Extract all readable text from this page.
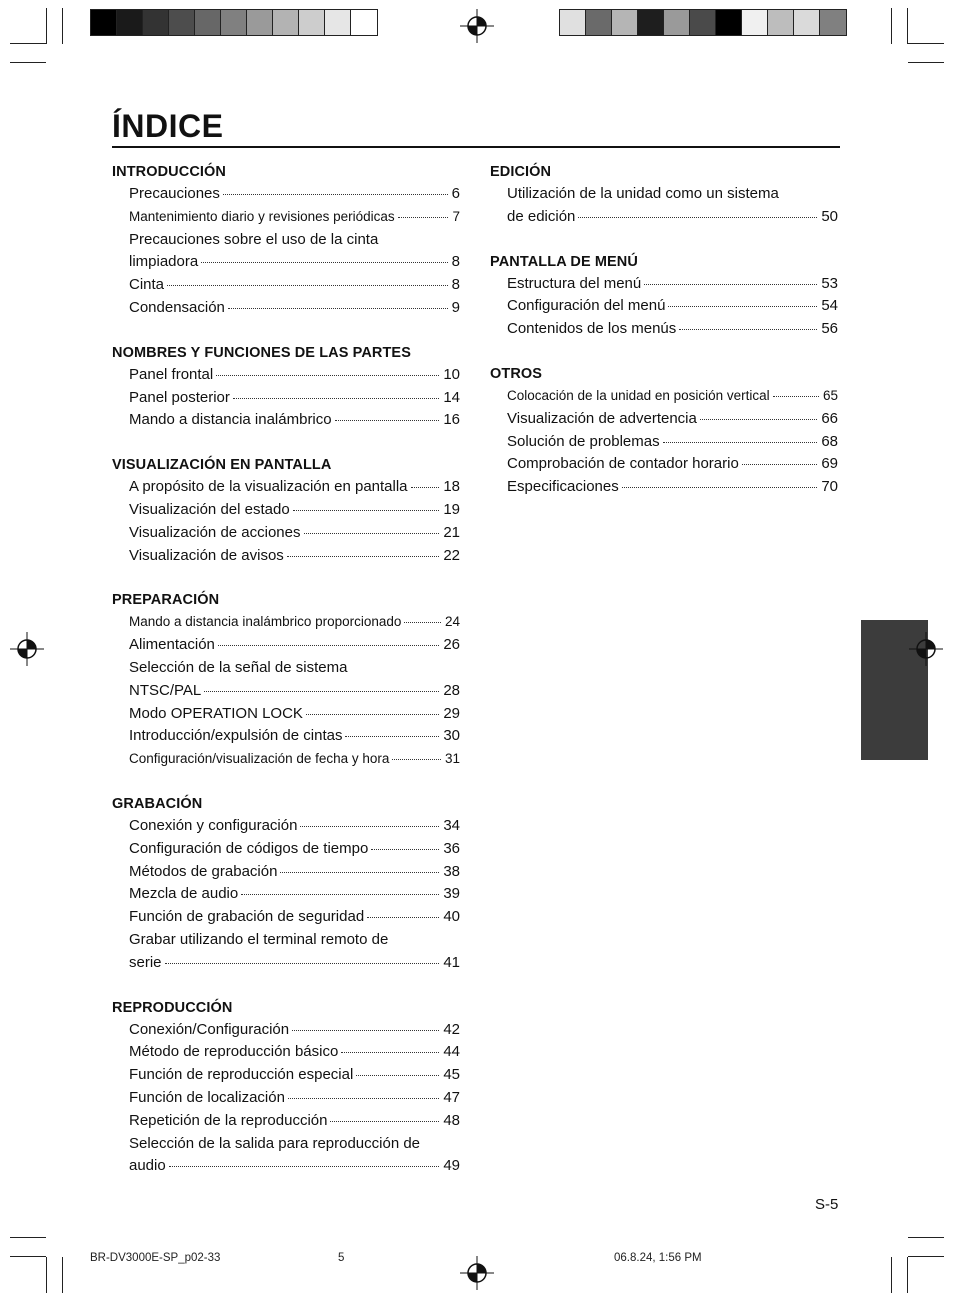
ÍNDICE
INTRODUCCIÓN
Precauciones	6
Mantenimiento diario y revisiones periódicas	7
Precauciones sobre el uso de la cinta
limpiadora	8
Cinta	8
Condensación	9
NOMBRES Y FUNCIONES DE LAS PARTES
Panel frontal	10
Panel posterior	14
Mando a distancia inalámbrico	16
VISUALIZACIÓN EN PANTALLA
A propósito de la visualización en pantalla 18
Visualización del estado	19
Visualización de acciones	21
Visualización de avisos	22
PREPARACIÓN
Mando a distancia inalámbrico proporcionado	24
Alimentación	26
Selección de la señal de sistema
NTSC/PAL	28
Modo OPERATION LOCK	29
Introducción/expulsión de cintas	30
Configuración/visualización de fecha y hora	31
GRABACIÓN
Conexión y configuración	34
Configuración de códigos de tiempo	36
Métodos de grabación	38
Mezcla de audio	39
Función de grabación de seguridad	40
Grabar utilizando el terminal remoto de
serie	41
REPRODUCCIÓN
Conexión/Configuración	42
Método de reproducción básico	44
Función de reproducción especial	45
Función de localización	47
Repetición de la reproducción	48
Selección de la salida para reproducción de
audio	49
EDICIÓN
Utilización de la unidad como un sistema
de edición	50
PANTALLA DE MENÚ
Estructura del menú	53
Configuración del menú	54
Contenidos de los menús	56
OTROS
Colocación de la unidad en posición vertical	65
Visualización de advertencia	66
Solución de problemas	68
Comprobación de contador horario	69
Especificaciones	70
S-5
BR-DV3000E-SP_p02-33	5	06.8.24, 1:56 PM
